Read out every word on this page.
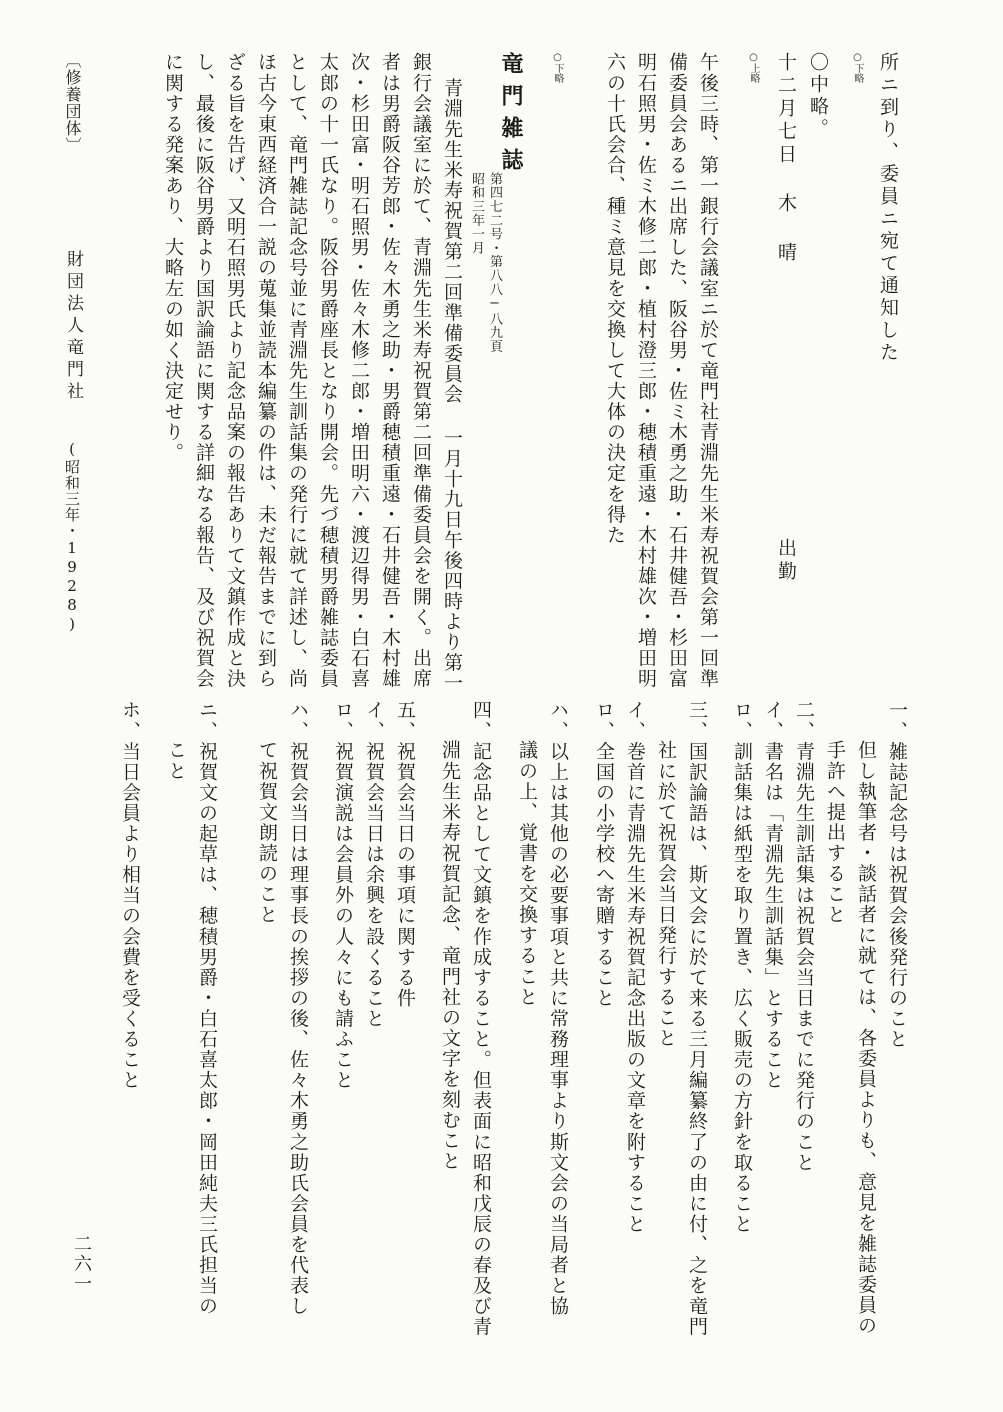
所ニ到り、委員ニ宛て通知した
○下略
〇中略。
十二月七日 木 晴
出勤
○上略
午後三時、第一銀行会議室ニ於て竜門社青淵先生米寿祝賀会第一回準
備委員会あるニ出席した、阪谷男・佐ミ木勇之助・石井健吾・杉田富
明石照男・佐ミ木修二郎・植村澄三郎・穂積重遠・木村雄次・増田明
六の十氏会合、種ミ意見を交換して大体の決定を得た
○下略
竜門雑誌
第四七二号・第八八−八九頁
昭和三年一月
青淵先生米寿祝賀第二回準備委員会 一月十九日午後四時より第一
銀行会議室に於て、青淵先生米寿祝賀第二回準備委員会を開く。出席
者は男爵阪谷芳郎・佐々木勇之助・男爵穂積重遠・石井健吾・木村雄
次・杉田富・明石照男・佐々木修二郎・増田明六・渡辺得男・白石喜
太郎の十一氏なり。阪谷男爵座長となり開会。先づ穂積男爵雑誌委員
として、竜門雑誌記念号並に青淵先生訓話集の発行に就て詳述し、尚
ほ古今東西経済合一説の蒐集並読本編纂の件は、未だ報告までに到ら
ざる旨を告げ、又明石照男氏より記念品案の報告ありて文鎮作成と決
し、最後に阪谷男爵より国訳論語に関する詳細なる報告、及び祝賀会
に関する発案あり、大略左の如く決定せり。
〔修養団体〕
財団法人竜門社
(昭和三年・1928)
一、雑誌記念号は祝賀会後発行のこと
但し執筆者・談話者に就ては、各委員よりも、意見を雑誌委員の
手許へ提出すること
二、青淵先生訓話集は祝賀会当日までに発行のこと
イ、書名は「青淵先生訓話集」とすること
ロ、訓話集は紙型を取り置き、広く販売の方針を取ること
三、国訳論語は、斯文会に於て来る三月編纂終了の由に付、之を竜門
社に於て祝賀会当日発行すること
イ、巻首に青淵先生米寿祝賀記念出版の文章を附すること
ロ、全国の小学校へ寄贈すること
ハ、以上は其他の必要事項と共に常務理事より斯文会の当局者と協
議の上、覚書を交換すること
四、記念品として文鎮を作成すること。但表面に昭和戊辰の春及び青
淵先生米寿祝賀記念、竜門社の文字を刻むこと
五、祝賀会当日の事項に関する件
イ、祝賀会当日は余興を設くること
ロ、祝賀演説は会員外の人々にも請ふこと
ハ、祝賀会当日は理事長の挨拶の後、佐々木勇之助氏会員を代表し
て祝賀文朗読のこと
ニ、祝賀文の起草は、穂積男爵・白石喜太郎・岡田純夫三氏担当の
こと
ホ、当日会員より相当の会費を受くること
二六一
